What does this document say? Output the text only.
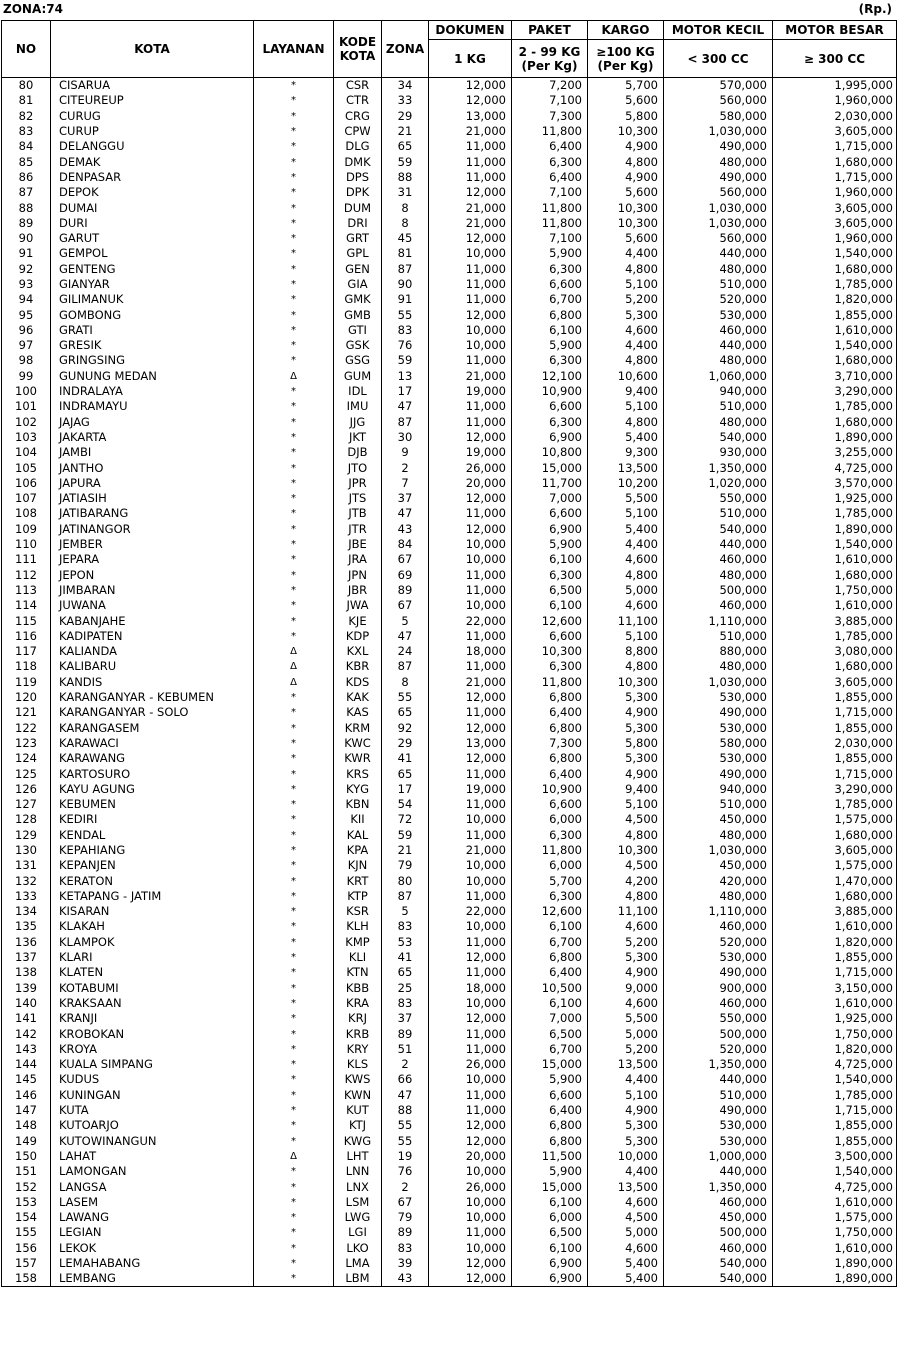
ZONA:74	(Rp.)
NO	KOTA	LAYANAN	KODE KOTA	ZONA	DOKUMEN	PAKET	KARGO	MOTOR KECIL	MOTOR BESAR
					1 KG	2 - 99 KG (Per Kg)	≥100 KG (Per Kg)	< 300 CC	≥ 300 CC
80	CISARUA	*	CSR	34	12,000	7,200	5,700	570,000	1,995,000
81	CITEUREUP	*	CTR	33	12,000	7,100	5,600	560,000	1,960,000
82	CURUG	*	CRG	29	13,000	7,300	5,800	580,000	2,030,000
83	CURUP	*	CPW	21	21,000	11,800	10,300	1,030,000	3,605,000
84	DELANGGU	*	DLG	65	11,000	6,400	4,900	490,000	1,715,000
85	DEMAK	*	DMK	59	11,000	6,300	4,800	480,000	1,680,000
86	DENPASAR	*	DPS	88	11,000	6,400	4,900	490,000	1,715,000
87	DEPOK	*	DPK	31	12,000	7,100	5,600	560,000	1,960,000
88	DUMAI	*	DUM	8	21,000	11,800	10,300	1,030,000	3,605,000
89	DURI	*	DRI	8	21,000	11,800	10,300	1,030,000	3,605,000
90	GARUT	*	GRT	45	12,000	7,100	5,600	560,000	1,960,000
91	GEMPOL	*	GPL	81	10,000	5,900	4,400	440,000	1,540,000
92	GENTENG	*	GEN	87	11,000	6,300	4,800	480,000	1,680,000
93	GIANYAR	*	GIA	90	11,000	6,600	5,100	510,000	1,785,000
94	GILIMANUK	*	GMK	91	11,000	6,700	5,200	520,000	1,820,000
95	GOMBONG	*	GMB	55	12,000	6,800	5,300	530,000	1,855,000
96	GRATI	*	GTI	83	10,000	6,100	4,600	460,000	1,610,000
97	GRESIK	*	GSK	76	10,000	5,900	4,400	440,000	1,540,000
98	GRINGSING	*	GSG	59	11,000	6,300	4,800	480,000	1,680,000
99	GUNUNG MEDAN	Δ	GUM	13	21,000	12,100	10,600	1,060,000	3,710,000
100	INDRALAYA	*	IDL	17	19,000	10,900	9,400	940,000	3,290,000
101	INDRAMAYU	*	IMU	47	11,000	6,600	5,100	510,000	1,785,000
102	JAJAG	*	JJG	87	11,000	6,300	4,800	480,000	1,680,000
103	JAKARTA	*	JKT	30	12,000	6,900	5,400	540,000	1,890,000
104	JAMBI	*	DJB	9	19,000	10,800	9,300	930,000	3,255,000
105	JANTHO	*	JTO	2	26,000	15,000	13,500	1,350,000	4,725,000
106	JAPURA	*	JPR	7	20,000	11,700	10,200	1,020,000	3,570,000
107	JATIASIH	*	JTS	37	12,000	7,000	5,500	550,000	1,925,000
108	JATIBARANG	*	JTB	47	11,000	6,600	5,100	510,000	1,785,000
109	JATINANGOR	*	JTR	43	12,000	6,900	5,400	540,000	1,890,000
110	JEMBER	*	JBE	84	10,000	5,900	4,400	440,000	1,540,000
111	JEPARA	*	JRA	67	10,000	6,100	4,600	460,000	1,610,000
112	JEPON	*	JPN	69	11,000	6,300	4,800	480,000	1,680,000
113	JIMBARAN	*	JBR	89	11,000	6,500	5,000	500,000	1,750,000
114	JUWANA	*	JWA	67	10,000	6,100	4,600	460,000	1,610,000
115	KABANJAHE	*	KJE	5	22,000	12,600	11,100	1,110,000	3,885,000
116	KADIPATEN	*	KDP	47	11,000	6,600	5,100	510,000	1,785,000
117	KALIANDA	Δ	KXL	24	18,000	10,300	8,800	880,000	3,080,000
118	KALIBARU	Δ	KBR	87	11,000	6,300	4,800	480,000	1,680,000
119	KANDIS	Δ	KDS	8	21,000	11,800	10,300	1,030,000	3,605,000
120	KARANGANYAR - KEBUMEN	*	KAK	55	12,000	6,800	5,300	530,000	1,855,000
121	KARANGANYAR - SOLO	*	KAS	65	11,000	6,400	4,900	490,000	1,715,000
122	KARANGASEM	*	KRM	92	12,000	6,800	5,300	530,000	1,855,000
123	KARAWACI	*	KWC	29	13,000	7,300	5,800	580,000	2,030,000
124	KARAWANG	*	KWR	41	12,000	6,800	5,300	530,000	1,855,000
125	KARTOSURO	*	KRS	65	11,000	6,400	4,900	490,000	1,715,000
126	KAYU AGUNG	*	KYG	17	19,000	10,900	9,400	940,000	3,290,000
127	KEBUMEN	*	KBN	54	11,000	6,600	5,100	510,000	1,785,000
128	KEDIRI	*	KII	72	10,000	6,000	4,500	450,000	1,575,000
129	KENDAL	*	KAL	59	11,000	6,300	4,800	480,000	1,680,000
130	KEPAHIANG	*	KPA	21	21,000	11,800	10,300	1,030,000	3,605,000
131	KEPANJEN	*	KJN	79	10,000	6,000	4,500	450,000	1,575,000
132	KERATON	*	KRT	80	10,000	5,700	4,200	420,000	1,470,000
133	KETAPANG - JATIM	*	KTP	87	11,000	6,300	4,800	480,000	1,680,000
134	KISARAN	*	KSR	5	22,000	12,600	11,100	1,110,000	3,885,000
135	KLAKAH	*	KLH	83	10,000	6,100	4,600	460,000	1,610,000
136	KLAMPOK	*	KMP	53	11,000	6,700	5,200	520,000	1,820,000
137	KLARI	*	KLI	41	12,000	6,800	5,300	530,000	1,855,000
138	KLATEN	*	KTN	65	11,000	6,400	4,900	490,000	1,715,000
139	KOTABUMI	*	KBB	25	18,000	10,500	9,000	900,000	3,150,000
140	KRAKSAAN	*	KRA	83	10,000	6,100	4,600	460,000	1,610,000
141	KRANJI	*	KRJ	37	12,000	7,000	5,500	550,000	1,925,000
142	KROBOKAN	*	KRB	89	11,000	6,500	5,000	500,000	1,750,000
143	KROYA	*	KRY	51	11,000	6,700	5,200	520,000	1,820,000
144	KUALA SIMPANG	*	KLS	2	26,000	15,000	13,500	1,350,000	4,725,000
145	KUDUS	*	KWS	66	10,000	5,900	4,400	440,000	1,540,000
146	KUNINGAN	*	KWN	47	11,000	6,600	5,100	510,000	1,785,000
147	KUTA	*	KUT	88	11,000	6,400	4,900	490,000	1,715,000
148	KUTOARJO	*	KTJ	55	12,000	6,800	5,300	530,000	1,855,000
149	KUTOWINANGUN	*	KWG	55	12,000	6,800	5,300	530,000	1,855,000
150	LAHAT	Δ	LHT	19	20,000	11,500	10,000	1,000,000	3,500,000
151	LAMONGAN	*	LNN	76	10,000	5,900	4,400	440,000	1,540,000
152	LANGSA	*	LNX	2	26,000	15,000	13,500	1,350,000	4,725,000
153	LASEM	*	LSM	67	10,000	6,100	4,600	460,000	1,610,000
154	LAWANG	*	LWG	79	10,000	6,000	4,500	450,000	1,575,000
155	LEGIAN	*	LGI	89	11,000	6,500	5,000	500,000	1,750,000
156	LEKOK	*	LKO	83	10,000	6,100	4,600	460,000	1,610,000
157	LEMAHABANG	*	LMA	39	12,000	6,900	5,400	540,000	1,890,000
158	LEMBANG	*	LBM	43	12,000	6,900	5,400	540,000	1,890,000
